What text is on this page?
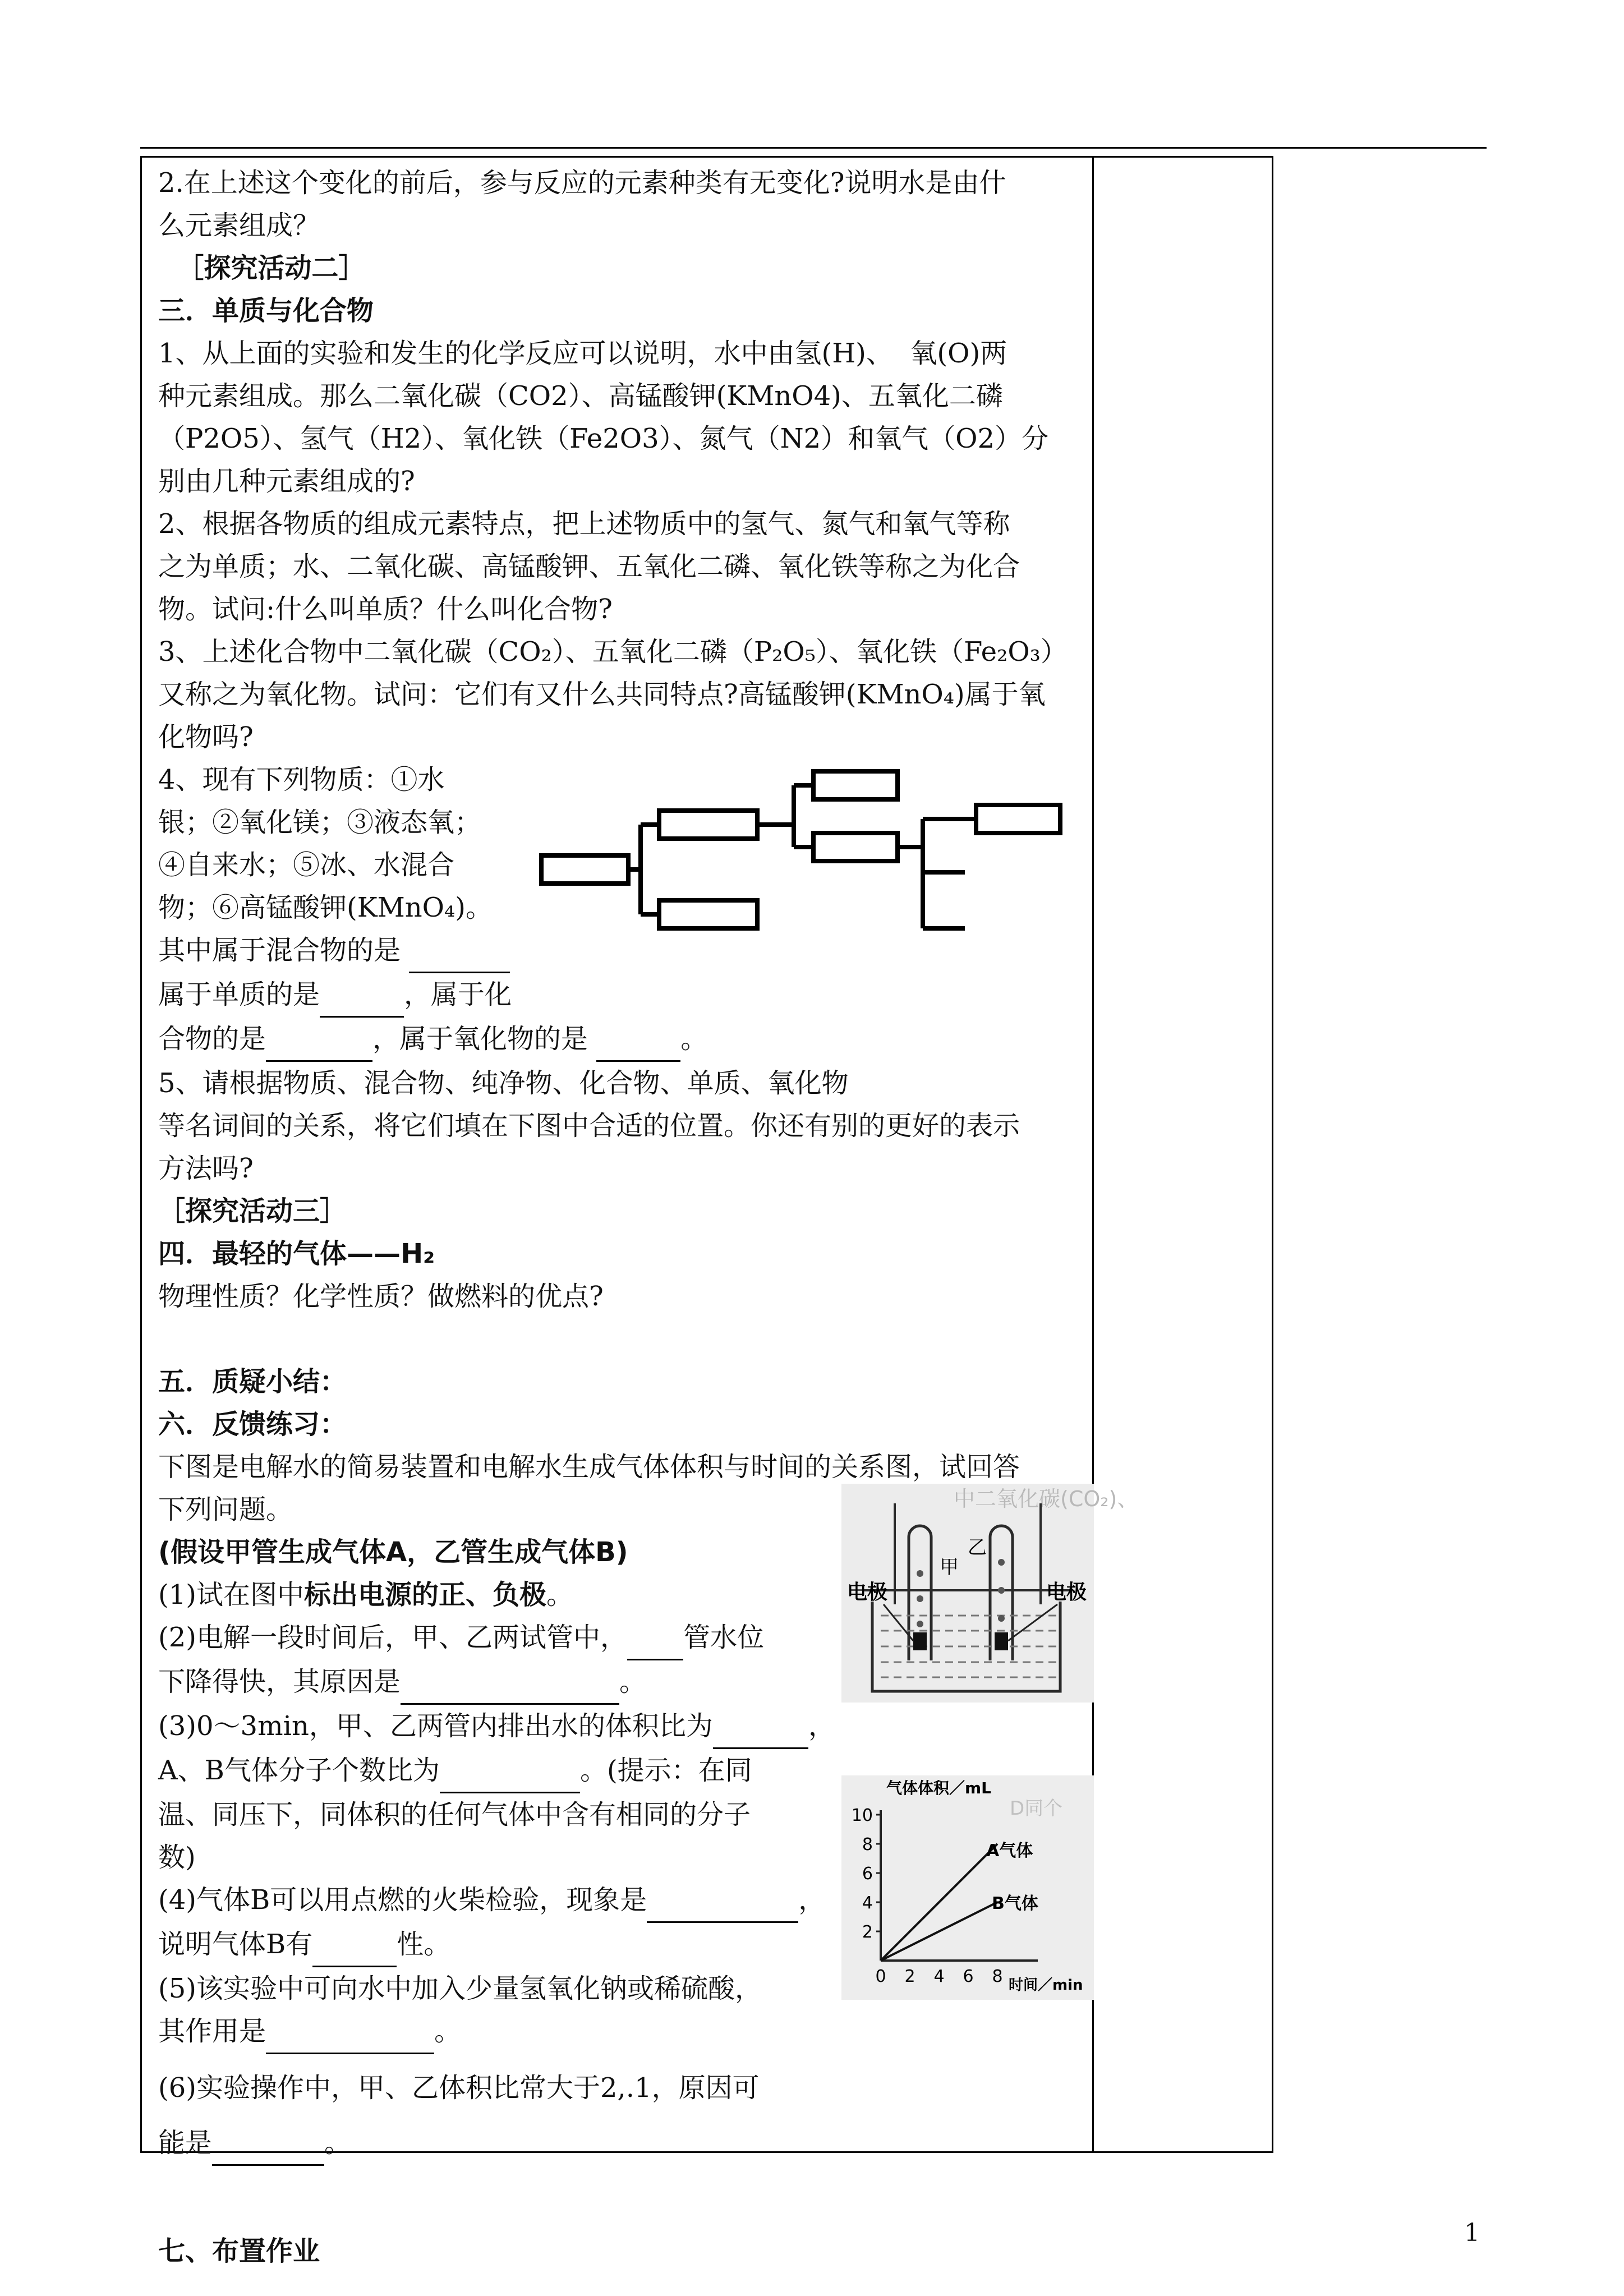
2.在上述这个变化的前后，参与反应的元素种类有无变化?说明水是由什

么元素组成？

［探究活动二］

三．单质与化合物

1、从上面的实验和发生的化学反应可以说明，水中由氢(H)、  氧(O)两

种元素组成。那么二氧化碳（CO2）、高锰酸钾(KMnO4)、五氧化二磷

（P2O5）、氢气（H2）、氧化铁（Fe2O3）、氮气（N2）和氧气（O2）分

别由几种元素组成的?

2、根据各物质的组成元素特点，把上述物质中的氢气、氮气和氧气等称

之为单质；水、二氧化碳、高锰酸钾、五氧化二磷、氧化铁等称之为化合

物。试问:什么叫单质？什么叫化合物?

3、上述化合物中二氧化碳（CO₂）、五氧化二磷（P₂O₅）、氧化铁（Fe₂O₃）

又称之为氧化物。试问：它们有又什么共同特点?高锰酸钾(KMnO₄)属于氧

化物吗?

4、现有下列物质：①水

银；②氧化镁；③液态氧；

④自来水；⑤冰、水混合

物；⑥高锰酸钾(KMnO₄)。

其中属于混合物的是

属于单质的是	，属于化

合物的是	，属于氧化物的是	。

5、请根据物质、混合物、纯净物、化合物、单质、氧化物

等名词间的关系，将它们填在下图中合适的位置。你还有别的更好的表示

方法吗?

［探究活动三］

四．最轻的气体——H₂

物理性质？化学性质？做燃料的优点?

五．质疑小结：

六．反馈练习：

下图是电解水的简易装置和电解水生成气体体积与时间的关系图，试回答

下列问题。

(假设甲管生成气体A，乙管生成气体B)

(1)试在图中标出电源的正、负极。

(2)电解一段时间后，甲、乙两试管中， 管水位

下降得快，其原因是	。

(3)0～3min，甲、乙两管内排出水的体积比为	，

A、B气体分子个数比为	。(提示：在同

温、同压下，同体积的任何气体中含有相同的分子

数)

(4)气体B可以用点燃的火柴检验，现象是	，

说明气体B有	性。

(5)该实验中可向水中加入少量氢氧化钠或稀硫酸，

其作用是	。

(6)实验操作中，甲、乙体积比常大于2,.1，原因可

能是	。

七、布置作业

中二氧化碳(CO₂)、
电极	电极
甲
乙
D同个
10
8
6
4
2
0 2 4 6 8
气体体积／mL
时间／min
A气体
B气体
1
